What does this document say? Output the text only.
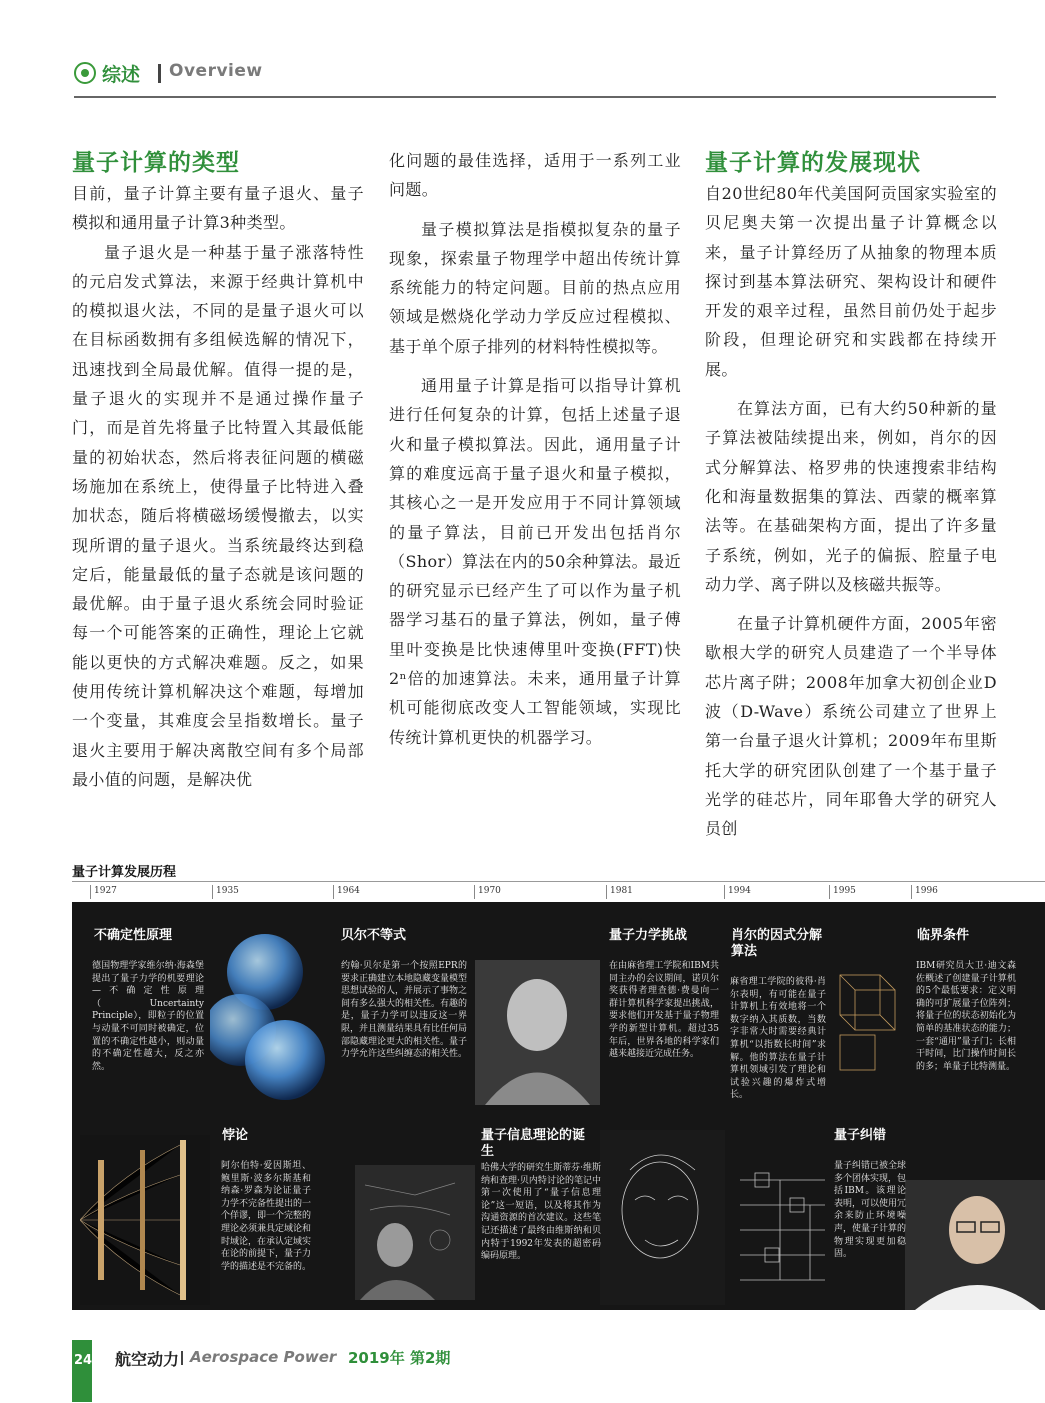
综述 Overview
量子计算的类型

目前，量子计算主要有量子退火、量子模拟和通用量子计算3种类型。

量子退火是一种基于量子涨落特性的元启发式算法，来源于经典计算机中的模拟退火法，不同的是量子退火可以在目标函数拥有多组候选解的情况下，迅速找到全局最优解。值得一提的是，量子退火的实现并不是通过操作量子门，而是首先将量子比特置入其最低能量的初始状态，然后将表征问题的横磁场施加在系统上，使得量子比特进入叠加状态，随后将横磁场缓慢撤去，以实现所谓的量子退火。当系统最终达到稳定后，能量最低的量子态就是该问题的最优解。由于量子退火系统会同时验证每一个可能答案的正确性，理论上它就能以更快的方式解决难题。反之，如果使用传统计算机解决这个难题，每增加一个变量，其难度会呈指数增长。量子退火主要用于解决离散空间有多个局部最小值的问题，是解决优

化问题的最佳选择，适用于一系列工业问题。

量子模拟算法是指模拟复杂的量子现象，探索量子物理学中超出传统计算系统能力的特定问题。目前的热点应用领域是燃烧化学动力学反应过程模拟、基于单个原子排列的材料特性模拟等。

通用量子计算是指可以指导计算机进行任何复杂的计算，包括上述量子退火和量子模拟算法。因此，通用量子计算的难度远高于量子退火和量子模拟，其核心之一是开发应用于不同计算领域的量子算法，目前已开发出包括肖尔（Shor）算法在内的50余种算法。最近的研究显示已经产生了可以作为量子机器学习基石的量子算法，例如，量子傅里叶变换是比快速傅里叶变换(FFT)快2ⁿ倍的加速算法。未来，通用量子计算机可能彻底改变人工智能领域，实现比传统计算机更快的机器学习。

量子计算的发展现状

自20世纪80年代美国阿贡国家实验室的贝尼奥夫第一次提出量子计算概念以来，量子计算经历了从抽象的物理本质探讨到基本算法研究、架构设计和硬件开发的艰辛过程，虽然目前仍处于起步阶段，但理论研究和实践都在持续开展。

在算法方面，已有大约50种新的量子算法被陆续提出来，例如，肖尔的因式分解算法、格罗弗的快速搜索非结构化和海量数据集的算法、西蒙的概率算法等。在基础架构方面，提出了许多量子系统，例如，光子的偏振、腔量子电动力学、离子阱以及核磁共振等。

在量子计算机硬件方面，2005年密歇根大学的研究人员建造了一个半导体芯片离子阱；2008年加拿大初创企业D波（D-Wave）系统公司建立了世界上第一台量子退火计算机；2009年布里斯托大学的研究团队创建了一个基于量子光学的硅芯片，同年耶鲁大学的研究人员创

量子计算发展历程
1927	1935	1964	1970	1981	1994	1995	1996
不确定性原理
德国物理学家维尔纳·海森堡提出了量子力学的机要理论—不确定性原理（Uncertainty Principle），即粒子的位置与动量不可同时被确定，位置的不确定性越小，则动量的不确定性越大，反之亦然。
悖论
阿尔伯特·爱因斯坦、鲍里斯·波多尔斯基和纳森·罗森为论证量子力学不完备性提出的一个佯谬，即一个完整的理论必须兼具定域论和时域论，在承认定域实在论的前提下，量子力学的描述是不完备的。
贝尔不等式
约翰·贝尔是第一个按照EPR的要求正确建立本地隐藏变量模型思想试验的人，并展示了事物之间有多么强大的相关性。有趣的是，量子力学可以违反这一界限，并且测量结果具有比任何局部隐藏理论更大的相关性。量子力学允许这些纠缠态的相关性。
量子信息理论的诞生
哈佛大学的研究生斯蒂芬·维斯纳和查理·贝内特讨论的笔记中第一次使用了“量子信息理论”这一短语，以及将其作为沟通资源的首次建议。这些笔记还描述了最终由维斯纳和贝内特于1992年发表的超密码编码原理。
量子力学挑战
在由麻省理工学院和IBM共同主办的会议期间，诺贝尔奖获得者理查德·费曼向一群计算机科学家提出挑战，要求他们开发基于量子物理学的新型计算机。超过35年后，世界各地的科学家们越来越接近完成任务。
肖尔的因式分解算法
麻省理工学院的彼得·肖尔表明，有可能在量子计算机上有效地将一个数字纳入其质数，当数字非常大时需要经典计算机“以指数长时间”求解。他的算法在量子计算机领域引发了理论和试验兴趣的爆炸式增长。
量子纠错
量子纠错已被全球多个团体实现，包括IBM。该理论表明，可以使用冗余来防止环境噪声，使量子计算的物理实现更加稳固。
临界条件
IBM研究员大卫·迪文森佐概述了创建量子计算机的5个最低要求：定义明确的可扩展量子位阵列；将量子位的状态初始化为简单的基准状态的能力；一套“通用”量子门；长相干时间，比门操作时间长的多；单量子比特测量。
24 航空动力 Aerospace Power 2019年 第2期
